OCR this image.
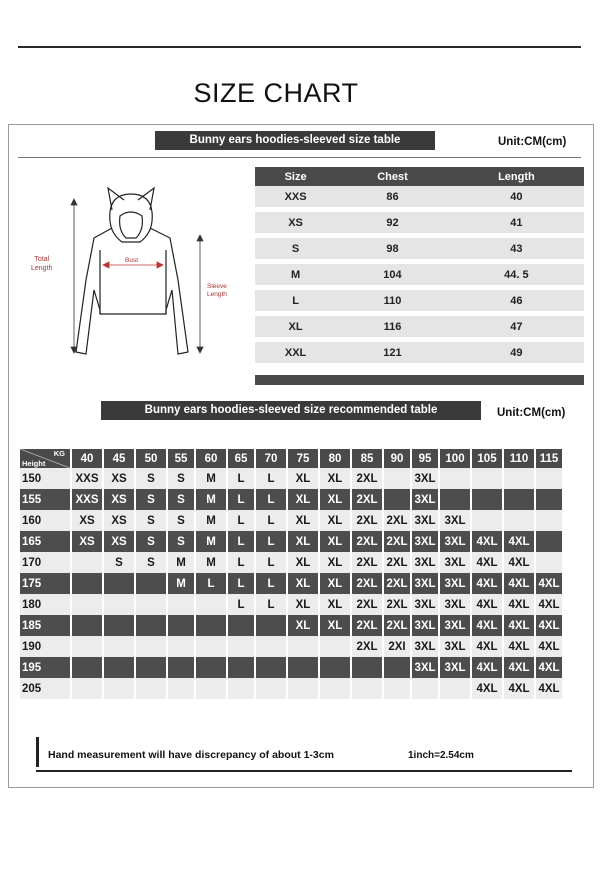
SIZE CHART
Bunny ears hoodies-sleeved size table	Unit:CM(cm)
Total
Length
Bust
Sleeve
Length
Size	Chest	Length
XXS	86	40
XS	92	41
S	98	43
M	104	44. 5
L	110	46
XL	116	47
XXL	121	49
Bunny ears hoodies-sleeved size recommended table	Unit:CM(cm)
KG
Height	40	45	50	55	60	65	70	75	80	85	90	95	100	105	110	115
150	XXS	XS	S	S	M	L	L	XL	XL	2XL		3XL				
155	XXS	XS	S	S	M	L	L	XL	XL	2XL		3XL				
160	XS	XS	S	S	M	L	L	XL	XL	2XL	2XL	3XL	3XL			
165	XS	XS	S	S	M	L	L	XL	XL	2XL	2XL	3XL	3XL	4XL	4XL	
170		S	S	M	M	L	L	XL	XL	2XL	2XL	3XL	3XL	4XL	4XL	
175				M	L	L	L	XL	XL	2XL	2XL	3XL	3XL	4XL	4XL	4XL
180						L	L	XL	XL	2XL	2XL	3XL	3XL	4XL	4XL	4XL
185								XL	XL	2XL	2XL	3XL	3XL	4XL	4XL	4XL
190										2XL	2XI	3XL	3XL	4XL	4XL	4XL
195												3XL	3XL	4XL	4XL	4XL
205														4XL	4XL	4XL
Hand measurement will have discrepancy of about 1-3cm	1inch=2.54cm
